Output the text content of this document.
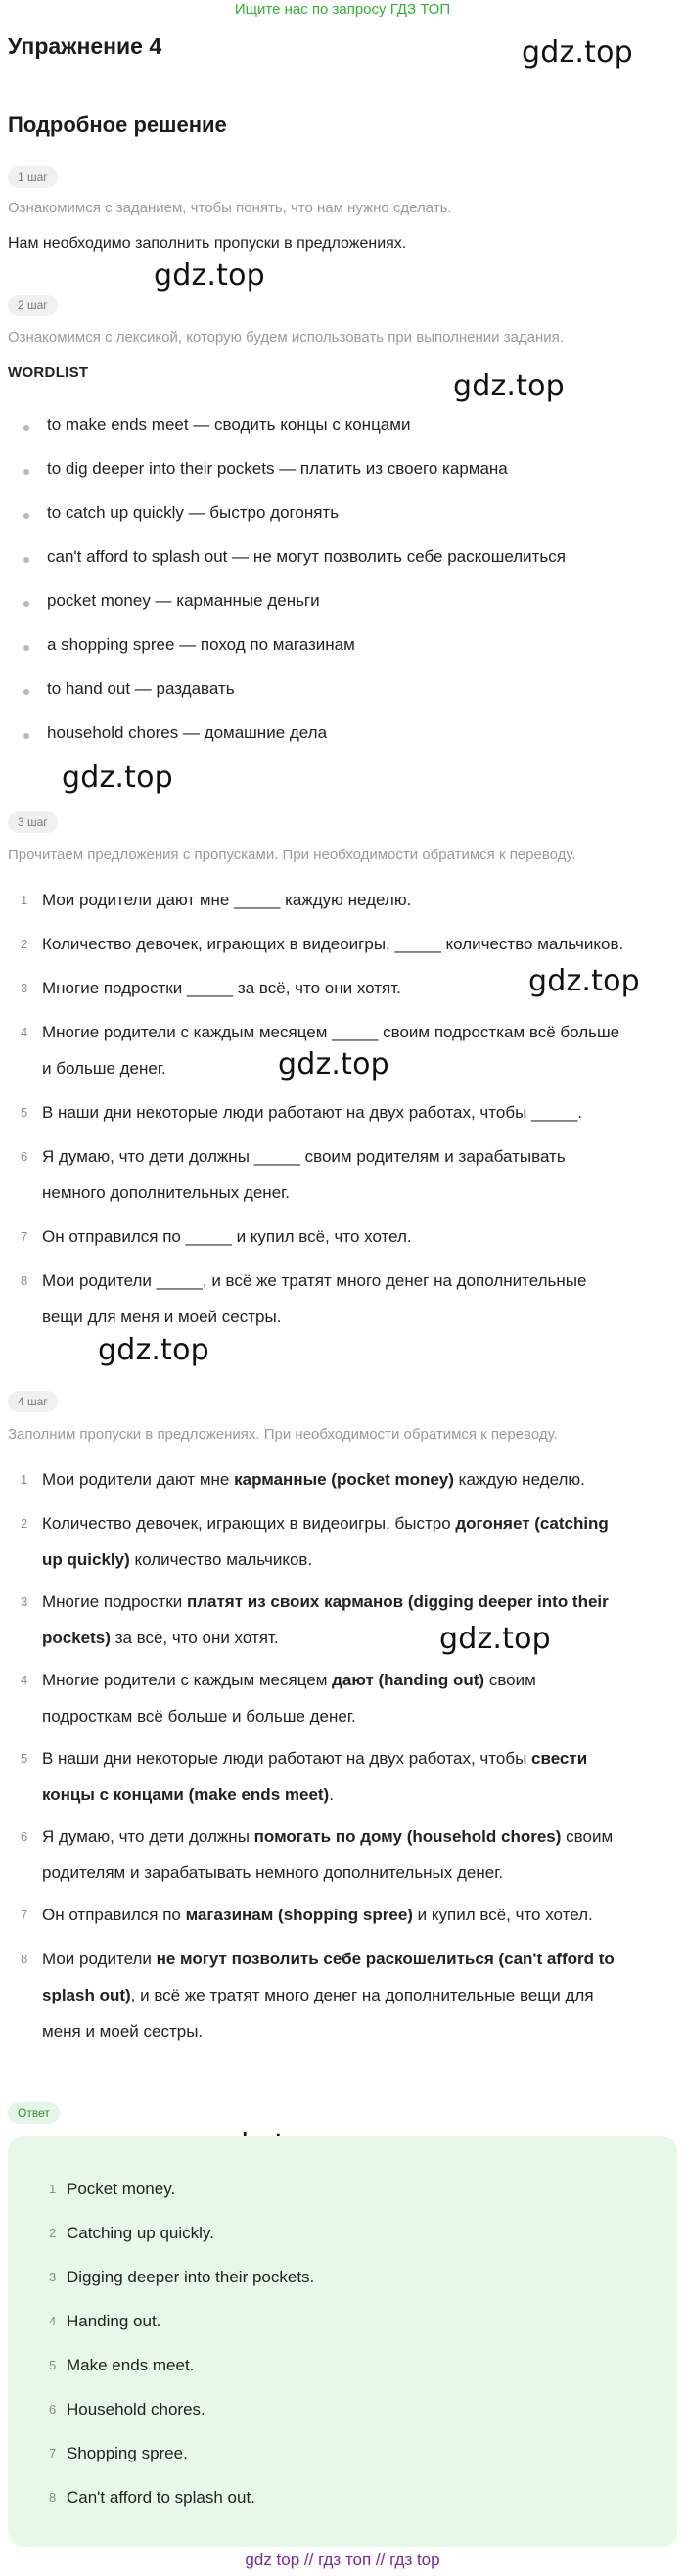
Ищите нас по запросу ГДЗ ТОП
Упражнение 4
Подробное решение
gdz.top
gdz.top
gdz.top
gdz.top
gdz.top
gdz.top
gdz.top
gdz.top
1 шаг
Ознакомимся с заданием, чтобы понять, что нам нужно сделать.
Нам необходимо заполнить пропуски в предложениях.
2 шаг
Ознакомимся с лексикой, которую будем использовать при выполнении задания.
WORDLIST
to make ends meet — сводить концы с концами
to dig deeper into their pockets — платить из своего кармана
to catch up quickly — быстро догонять
can't afford to splash out — не могут позволить себе раскошелиться
pocket money — карманные деньги
a shopping spree — поход по магазинам
to hand out — раздавать
household chores — домашние дела
3 шаг
Прочитаем предложения с пропусками. При необходимости обратимся к переводу.
1 Мои родители дают мне _____ каждую неделю.
2 Количество девочек, играющих в видеоигры, _____ количество мальчиков.
3 Многие подростки _____ за всё, что они хотят.
4 Многие родители с каждым месяцем _____ своим подросткам всё больше
и больше денег.
5 В наши дни некоторые люди работают на двух работах, чтобы _____.
6 Я думаю, что дети должны _____ своим родителям и зарабатывать
немного дополнительных денег.
7 Он отправился по _____ и купил всё, что хотел.
8 Мои родители _____, и всё же тратят много денег на дополнительные
вещи для меня и моей сестры.
4 шаг
Заполним пропуски в предложениях. При необходимости обратимся к переводу.
1 Мои родители дают мне карманные (pocket money) каждую неделю.
2 Количество девочек, играющих в видеоигры, быстро догоняет (catching
up quickly) количество мальчиков.
3 Многие подростки платят из своих карманов (digging deeper into their
pockets) за всё, что они хотят.
4 Многие родители с каждым месяцем дают (handing out) своим
подросткам всё больше и больше денег.
5 В наши дни некоторые люди работают на двух работах, чтобы свести
концы с концами (make ends meet).
6 Я думаю, что дети должны помогать по дому (household chores) своим
родителям и зарабатывать немного дополнительных денег.
7 Он отправился по магазинам (shopping spree) и купил всё, что хотел.
8 Мои родители не могут позволить себе раскошелиться (can't afford to
splash out), и всё же тратят много денег на дополнительные вещи для
меня и моей сестры.
Ответ
1 Pocket money.
2 Catching up quickly.
3 Digging deeper into their pockets.
4 Handing out.
5 Make ends meet.
6 Household chores.
7 Shopping spree.
8 Can't afford to splash out.
gdz top // гдз топ // гдз top
